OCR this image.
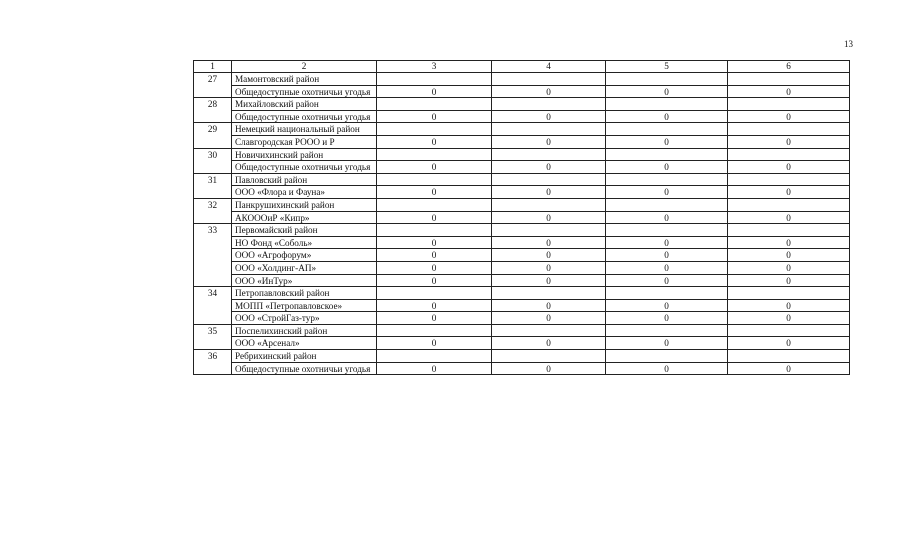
13
1	2	3	4	5	6
27	Мамонтовский район				
	Общедоступные охотничьи угодья	0	0	0	0
28	Михайловский район				
	Общедоступные охотничьи угодья	0	0	0	0
29	Немецкий национальный район				
	Славгородская РООО и Р	0	0	0	0
30	Новичихинский район				
	Общедоступные охотничьи угодья	0	0	0	0
31	Павловский район				
	ООО «Флора и Фауна»	0	0	0	0
32	Панкрушихинский район				
	АКОООиР «Кипр»	0	0	0	0
33	Первомайский район				
	НО Фонд «Соболь»	0	0	0	0
	ООО «Агрофорум»	0	0	0	0
	ООО «Холдинг-АП»	0	0	0	0
	ООО «ИнТур»	0	0	0	0
34	Петропавловский район				
	МОПП «Петропавловское»	0	0	0	0
	ООО «СтройГаз-тур»	0	0	0	0
35	Поспелихинский район				
	ООО «Арсенал»	0	0	0	0
36	Ребрихинский район				
	Общедоступные охотничьи угодья	0	0	0	0
